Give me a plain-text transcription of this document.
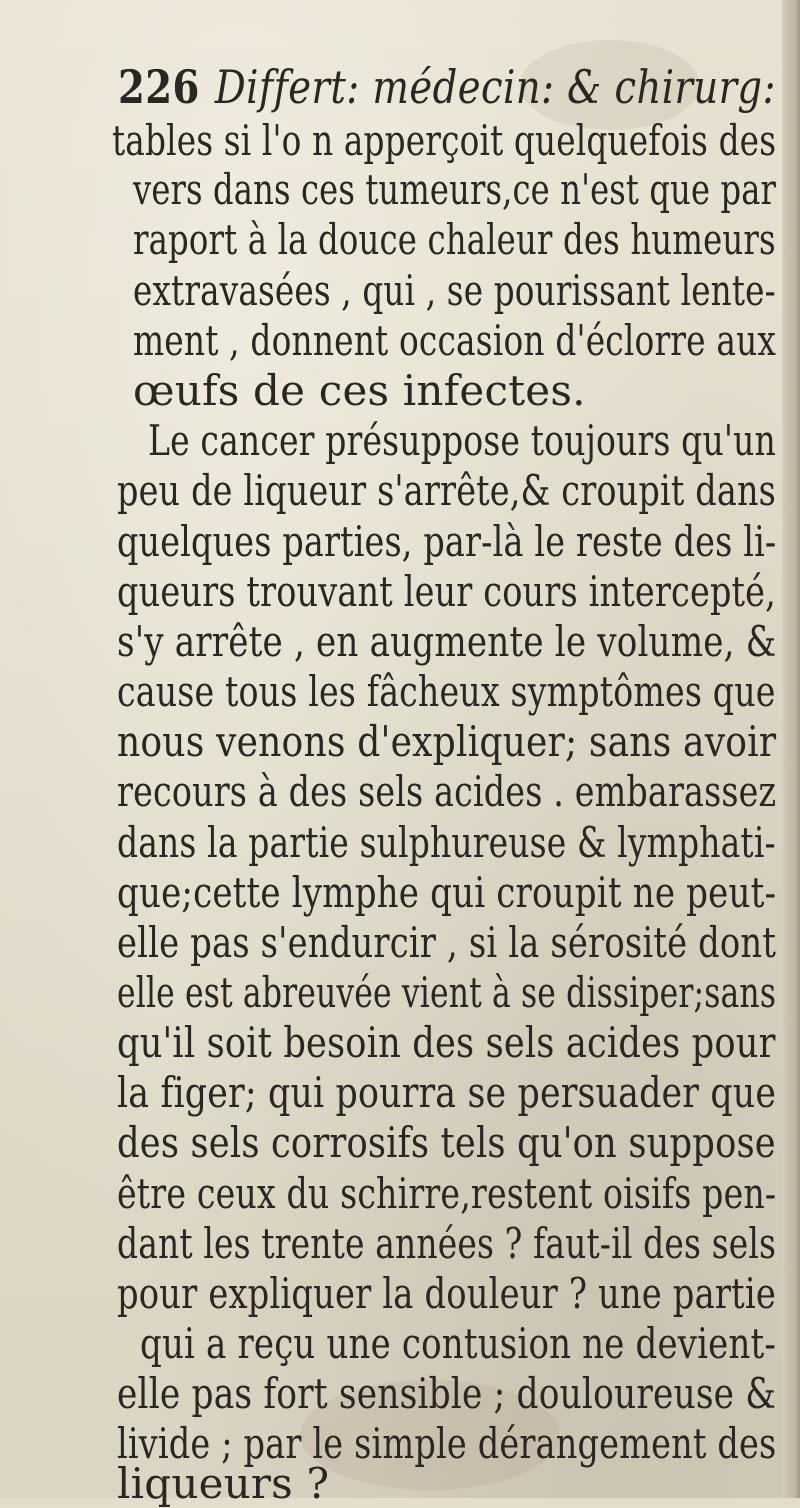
226 Differt: médecin: & chirurg:
tables si l'o n apperçoit quelquefois des
vers dans ces tumeurs,ce n'est que par
raport à la douce chaleur des humeurs
extravasées , qui , se pourissant lente-
ment , donnent occasion d'éclorre aux
œufs de ces infectes.
Le cancer présuppose toujours qu'un
peu de liqueur s'arrête,& croupit dans
quelques parties, par-là le reste des li-
queurs trouvant leur cours intercepté,
s'y arrête , en augmente le volume, &
cause tous les fâcheux symptômes que
nous venons d'expliquer; sans avoir
recours à des sels acides . embarassez
dans la partie sulphureuse & lymphati-
que;cette lymphe qui croupit ne peut-
elle pas s'endurcir , si la sérosité dont
elle est abreuvée vient à se dissiper;sans
qu'il soit besoin des sels acides pour
la figer; qui pourra se persuader que
des sels corrosifs tels qu'on suppose
être ceux du schirre,restent oisifs pen-
dant les trente années ? faut-il des sels
pour expliquer la douleur ? une partie
qui a reçu une contusion ne devient-
elle pas fort sensible ; douloureuse &
livide ; par le simple dérangement des
liqueurs ?
